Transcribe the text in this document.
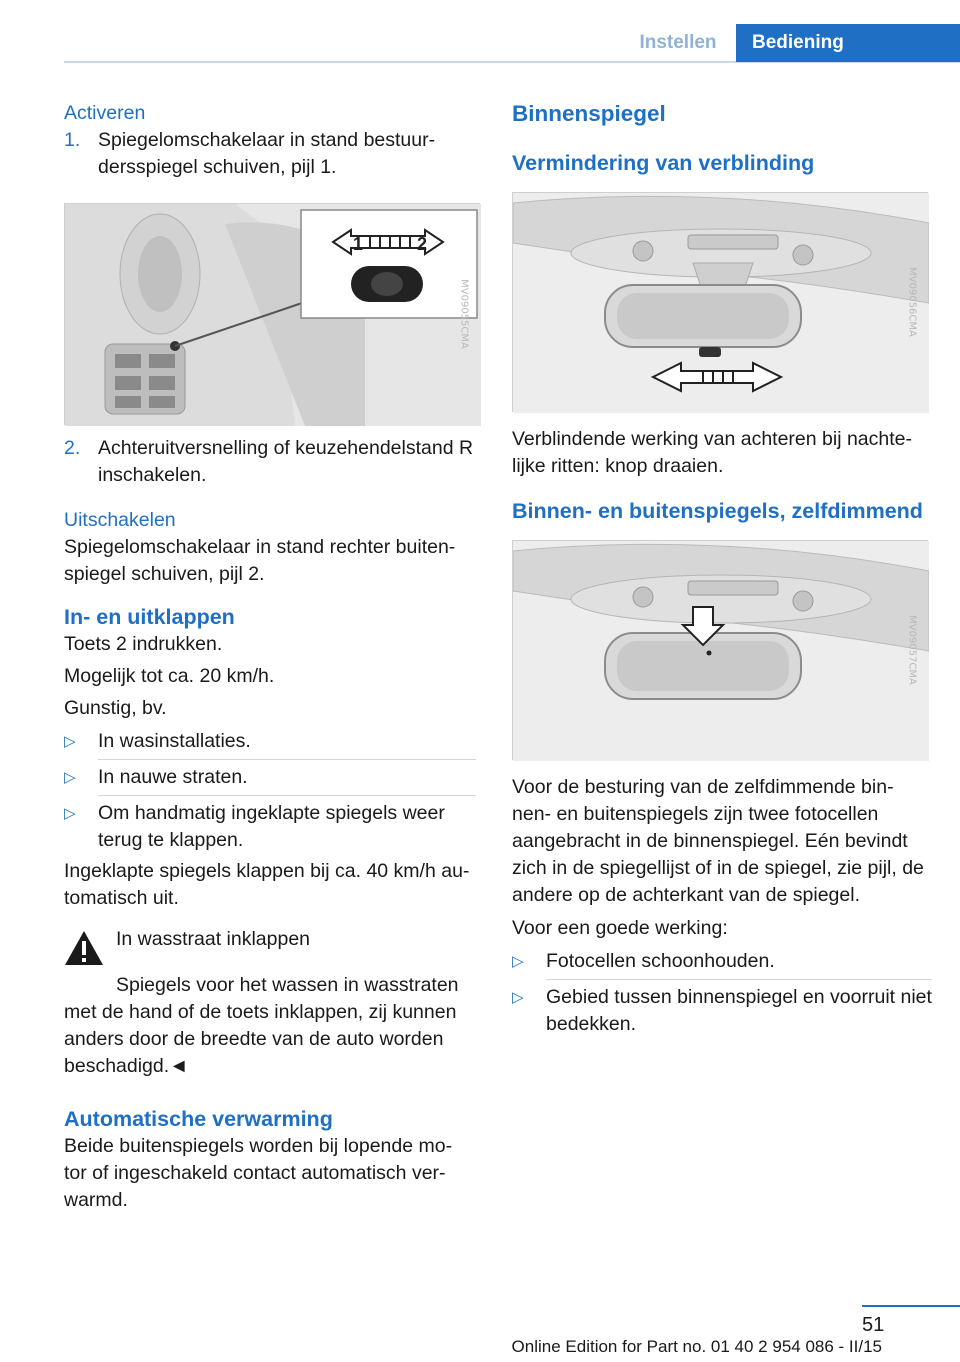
Instellen	Bediening

Activeren

1. Spiegelomschakelaar in stand bestuur- dersspiegel schuiven, pijl 1.
1	2
MV09055CMA
2. Achteruitversnelling of keuzehendelstand R inschakelen.

Uitschakelen

Spiegelomschakelaar in stand rechter buiten- spiegel schuiven, pijl 2.

In- en uitklappen

Toets 2 indrukken.

Mogelijk tot ca. 20 km/h.

Gunstig, bv.

▷	In wasinstallaties.
▷	In nauwe straten.
▷	Om handmatig ingeklapte spiegels weer terug te klappen.

Ingeklapte spiegels klappen bij ca. 40 km/h au- tomatisch uit.

In wasstraat inklappen

Spiegels voor het wassen in wasstraten met de hand of de toets inklappen, zij kunnen anders door de breedte van de auto worden beschadigd.◄

Automatische verwarming

Beide buitenspiegels worden bij lopende mo- tor of ingeschakeld contact automatisch ver- warmd.

Binnenspiegel

Vermindering van verblinding

MV09056CMA

Verblindende werking van achteren bij nachte- lijke ritten: knop draaien.

Binnen- en buitenspiegels, zelfdimmend

MV09057CMA

Voor de besturing van de zelfdimmende bin- nen- en buitenspiegels zijn twee fotocellen aangebracht in de binnenspiegel. Eén bevindt zich in de spiegellijst of in de spiegel, zie pijl, de andere op de achterkant van de spiegel.

Voor een goede werking:

▷	Fotocellen schoonhouden.
▷	Gebied tussen binnenspiegel en voorruit niet bedekken.
51
Online Edition for Part no. 01 40 2 954 086 - II/15
